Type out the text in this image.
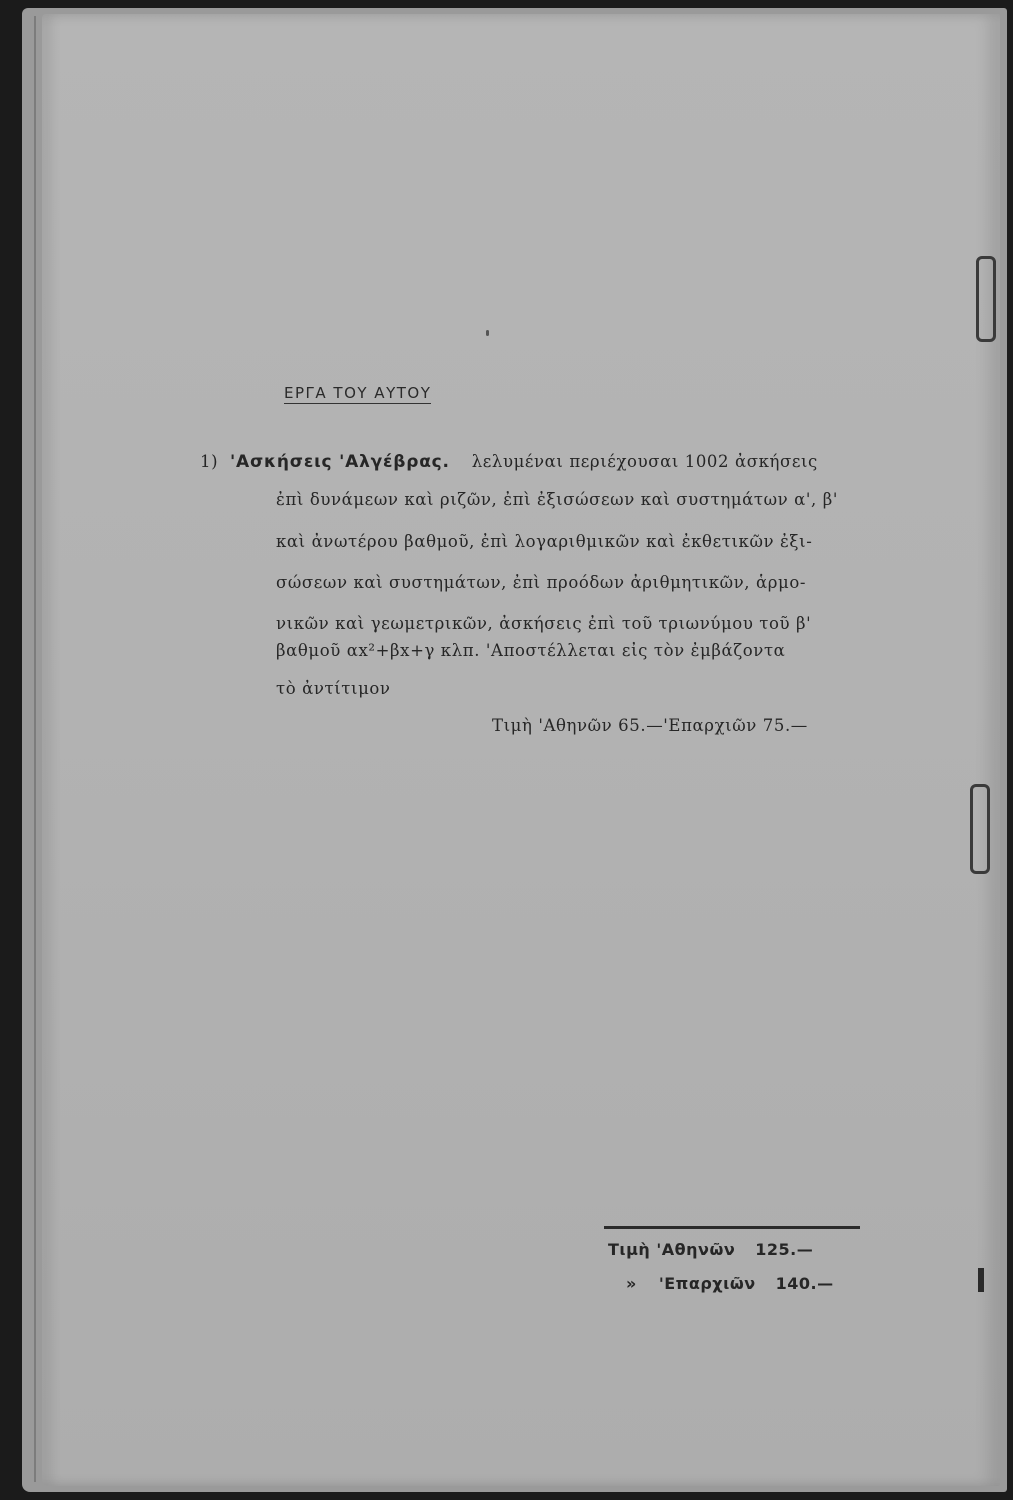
ΕΡΓΑ ΤΟΥ ΑΥΤΟΥ
1) 'Ασκήσεις 'Αλγέβρας. λελυμέναι περιέχουσαι 1002 ἀσκήσεις
ἐπὶ δυνάμεων καὶ ριζῶν, ἐπὶ ἐξισώσεων καὶ συστημάτων α', β'
καὶ ἀνωτέρου βαθμοῦ, ἐπὶ λογαριθμικῶν καὶ ἐκθετικῶν ἐξι-
σώσεων καὶ συστημάτων, ἐπὶ προόδων ἀριθμητικῶν, ἁρμο-
νικῶν καὶ γεωμετρικῶν, ἀσκήσεις ἐπὶ τοῦ τριωνύμου τοῦ β'
βαθμοῦ αx²+βx+γ κλπ. 'Αποστέλλεται εἰς τὸν ἐμβάζοντα
τὸ ἀντίτιμον
Τιμὴ 'Αθηνῶν 65.—'Επαρχιῶν 75.—
Τιμὴ 'Αθηνῶν 125.—
» 'Επαρχιῶν 140.—
